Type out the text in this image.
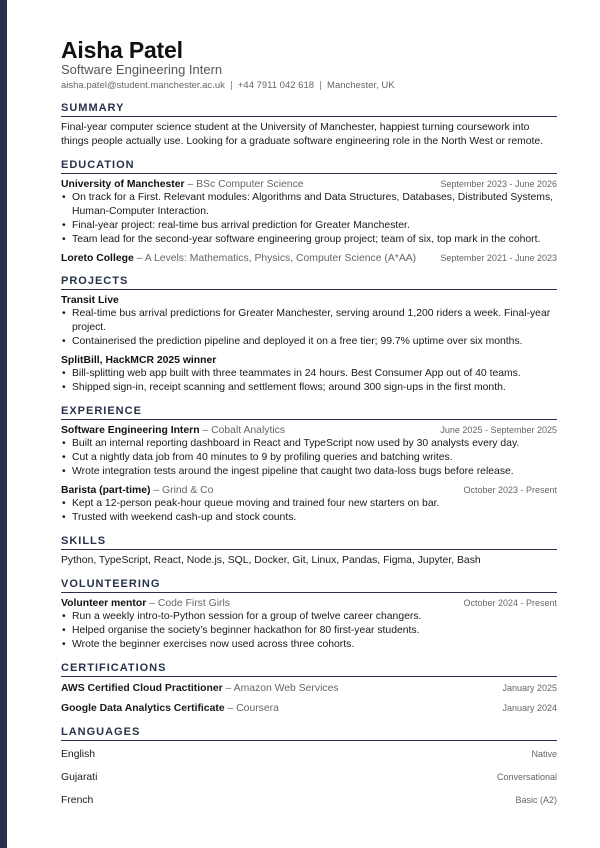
Aisha Patel
Software Engineering Intern
aisha.patel@student.manchester.ac.uk +44 7911 042 618 Manchester, UK
SUMMARY
Final-year computer science student at the University of Manchester, happiest turning coursework into things people actually use. Looking for a graduate software engineering role in the North West or remote.
EDUCATION
University of Manchester – BSc Computer Science	September 2023 - June 2026
• On track for a First. Relevant modules: Algorithms and Data Structures, Databases, Distributed Systems, Human-Computer Interaction.
• Final-year project: real-time bus arrival prediction for Greater Manchester.
• Team lead for the second-year software engineering group project; team of six, top mark in the cohort.
Loreto College – A Levels: Mathematics, Physics, Computer Science (A*AA)	September 2021 - June 2023
PROJECTS
Transit Live
• Real-time bus arrival predictions for Greater Manchester, serving around 1,200 riders a week. Final-year project.
• Containerised the prediction pipeline and deployed it on a free tier; 99.7% uptime over six months.
SplitBill, HackMCR 2025 winner
• Bill-splitting web app built with three teammates in 24 hours. Best Consumer App out of 40 teams.
• Shipped sign-in, receipt scanning and settlement flows; around 300 sign-ups in the first month.
EXPERIENCE
Software Engineering Intern – Cobalt Analytics	June 2025 - September 2025
• Built an internal reporting dashboard in React and TypeScript now used by 30 analysts every day.
• Cut a nightly data job from 40 minutes to 9 by profiling queries and batching writes.
• Wrote integration tests around the ingest pipeline that caught two data-loss bugs before release.
Barista (part-time) – Grind & Co	October 2023 - Present
• Kept a 12-person peak-hour queue moving and trained four new starters on bar.
• Trusted with weekend cash-up and stock counts.
SKILLS
Python, TypeScript, React, Node.js, SQL, Docker, Git, Linux, Pandas, Figma, Jupyter, Bash
VOLUNTEERING
Volunteer mentor – Code First Girls	October 2024 - Present
• Run a weekly intro-to-Python session for a group of twelve career changers.
• Helped organise the society’s beginner hackathon for 80 first-year students.
• Wrote the beginner exercises now used across three cohorts.
CERTIFICATIONS
AWS Certified Cloud Practitioner – Amazon Web Services	January 2025
Google Data Analytics Certificate – Coursera	January 2024
LANGUAGES
English	Native
Gujarati	Conversational
French	Basic (A2)
